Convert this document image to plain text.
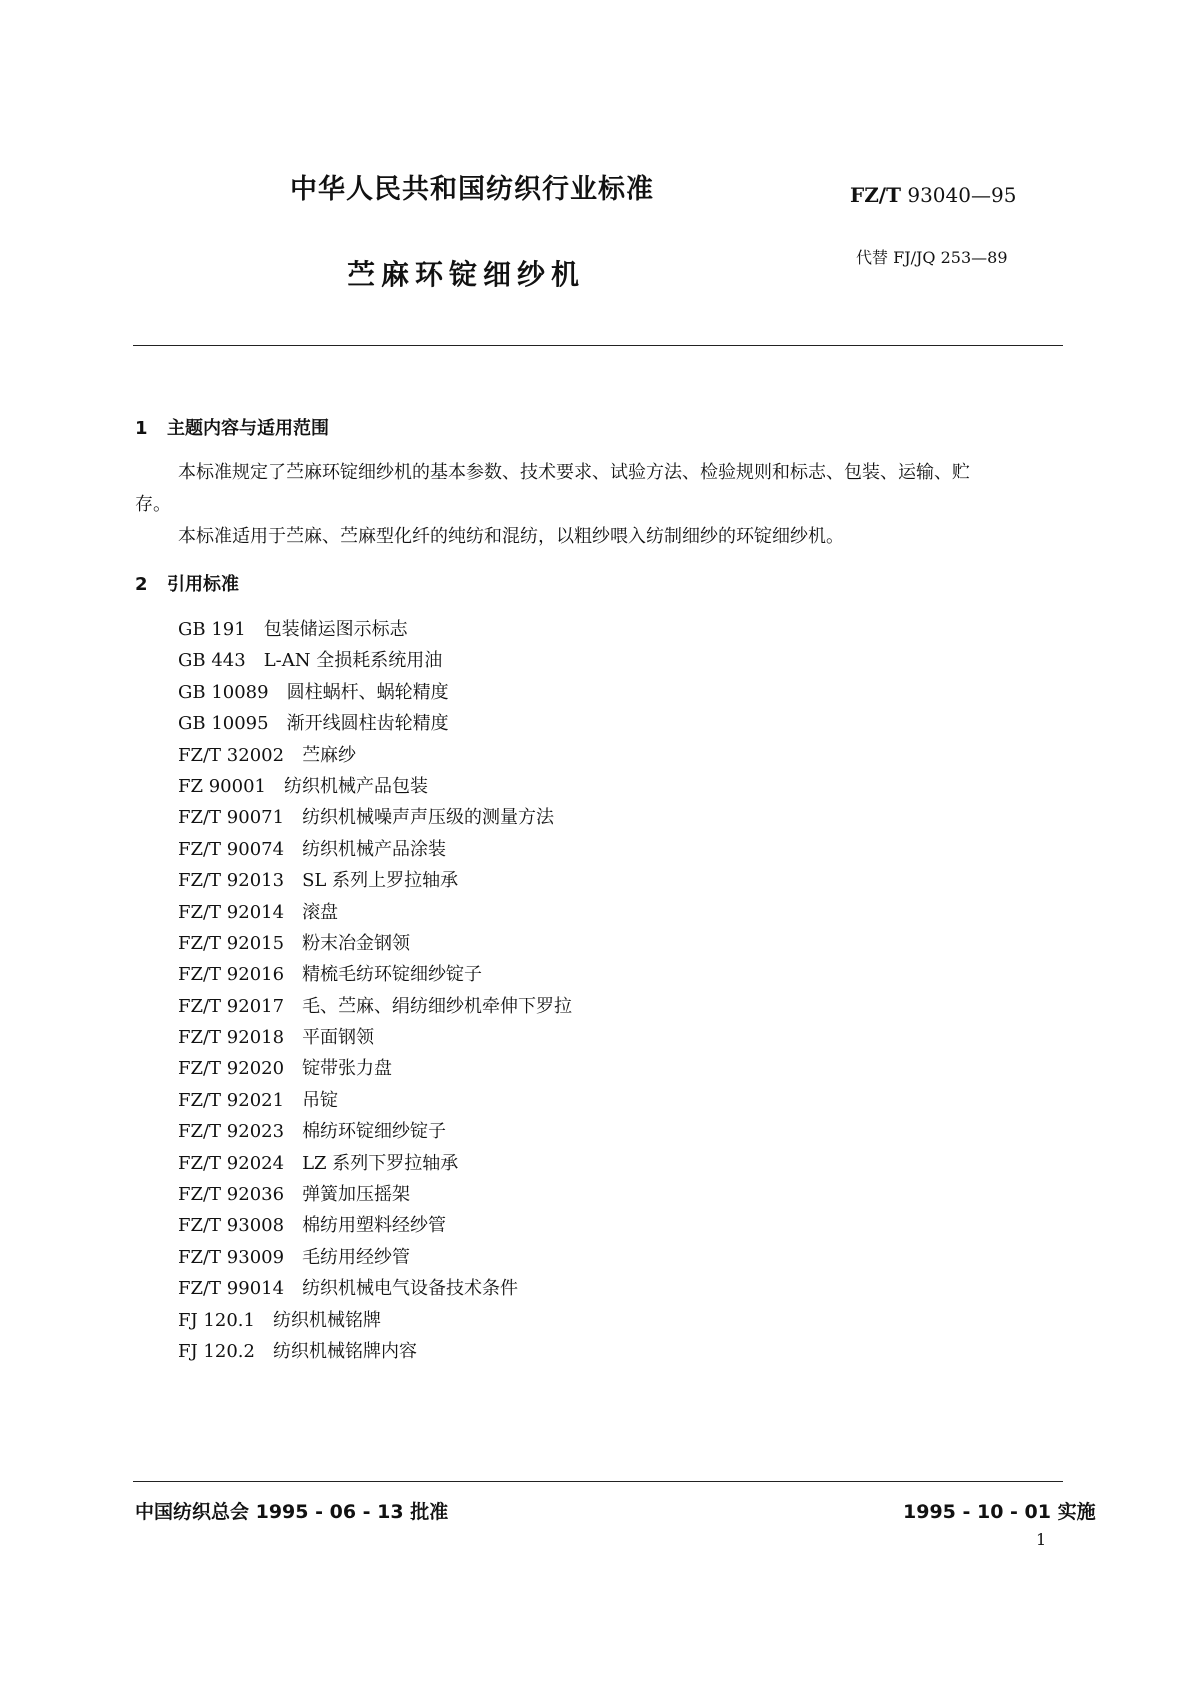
中华人民共和国纺织行业标准	FZ/T 93040—95
代替 FJ/JQ 253—89
苎麻环锭细纱机
1 主题内容与适用范围
本标准规定了苎麻环锭细纱机的基本参数、技术要求、试验方法、检验规则和标志、包装、运输、贮
存。
本标准适用于苎麻、苎麻型化纤的纯纺和混纺，以粗纱喂入纺制细纱的环锭细纱机。
2 引用标准
GB 191 包装储运图示标志
GB 443 L-AN 全损耗系统用油
GB 10089 圆柱蜗杆、蜗轮精度
GB 10095 渐开线圆柱齿轮精度
FZ/T 32002 苎麻纱
FZ 90001 纺织机械产品包装
FZ/T 90071 纺织机械噪声声压级的测量方法
FZ/T 90074 纺织机械产品涂装
FZ/T 92013 SL 系列上罗拉轴承
FZ/T 92014 滚盘
FZ/T 92015 粉末冶金钢领
FZ/T 92016 精梳毛纺环锭细纱锭子
FZ/T 92017 毛、苎麻、绢纺细纱机牵伸下罗拉
FZ/T 92018 平面钢领
FZ/T 92020 锭带张力盘
FZ/T 92021 吊锭
FZ/T 92023 棉纺环锭细纱锭子
FZ/T 92024 LZ 系列下罗拉轴承
FZ/T 92036 弹簧加压摇架
FZ/T 93008 棉纺用塑料经纱管
FZ/T 93009 毛纺用经纱管
FZ/T 99014 纺织机械电气设备技术条件
FJ 120.1 纺织机械铭牌
FJ 120.2 纺织机械铭牌内容
中国纺织总会 1995 - 06 - 13 批准	1995 - 10 - 01 实施
1
